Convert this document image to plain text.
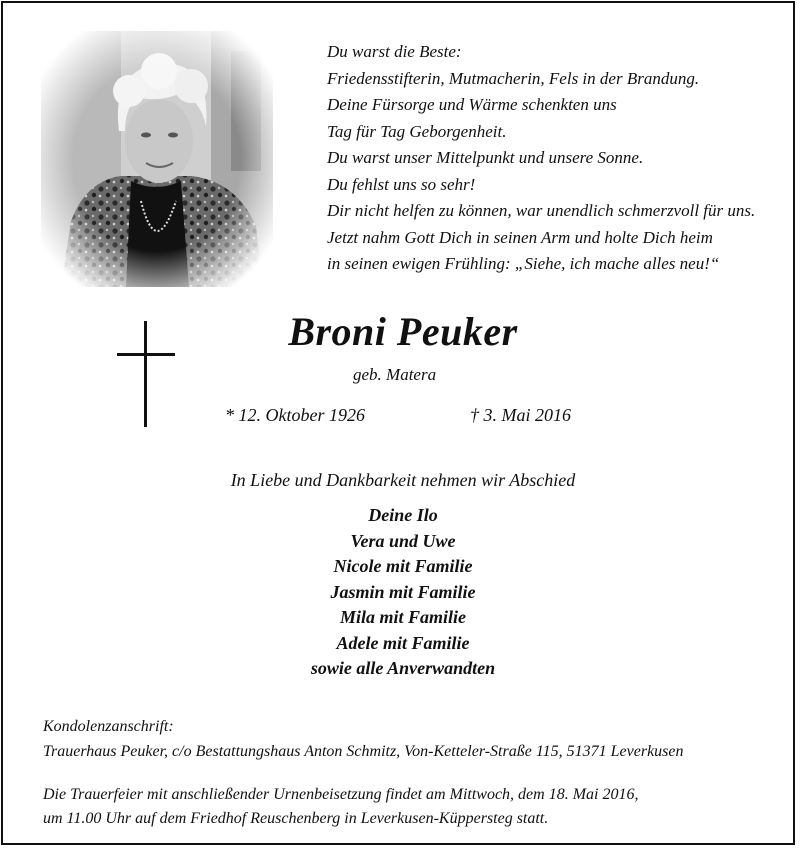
Du warst die Beste:
Friedensstifterin, Mutmacherin, Fels in der Brandung.
Deine Fürsorge und Wärme schenkten uns
Tag für Tag Geborgenheit.
Du warst unser Mittelpunkt und unsere Sonne.
Du fehlst uns so sehr!
Dir nicht helfen zu können, war unendlich schmerzvoll für uns.
Jetzt nahm Gott Dich in seinen Arm und holte Dich heim
in seinen ewigen Frühling: „Siehe, ich mache alles neu!“
Broni Peuker
geb. Matera
* 12. Oktober 1926	† 3. Mai 2016
In Liebe und Dankbarkeit nehmen wir Abschied
Deine Ilo
Vera und Uwe
Nicole mit Familie
Jasmin mit Familie
Mila mit Familie
Adele mit Familie
sowie alle Anverwandten
Kondolenzanschrift:
Trauerhaus Peuker, c/o Bestattungshaus Anton Schmitz, Von-Ketteler-Straße 115, 51371 Leverkusen
Die Trauerfeier mit anschließender Urnenbeisetzung findet am Mittwoch, dem 18. Mai 2016,
um 11.00 Uhr auf dem Friedhof Reuschenberg in Leverkusen-Küppersteg statt.
